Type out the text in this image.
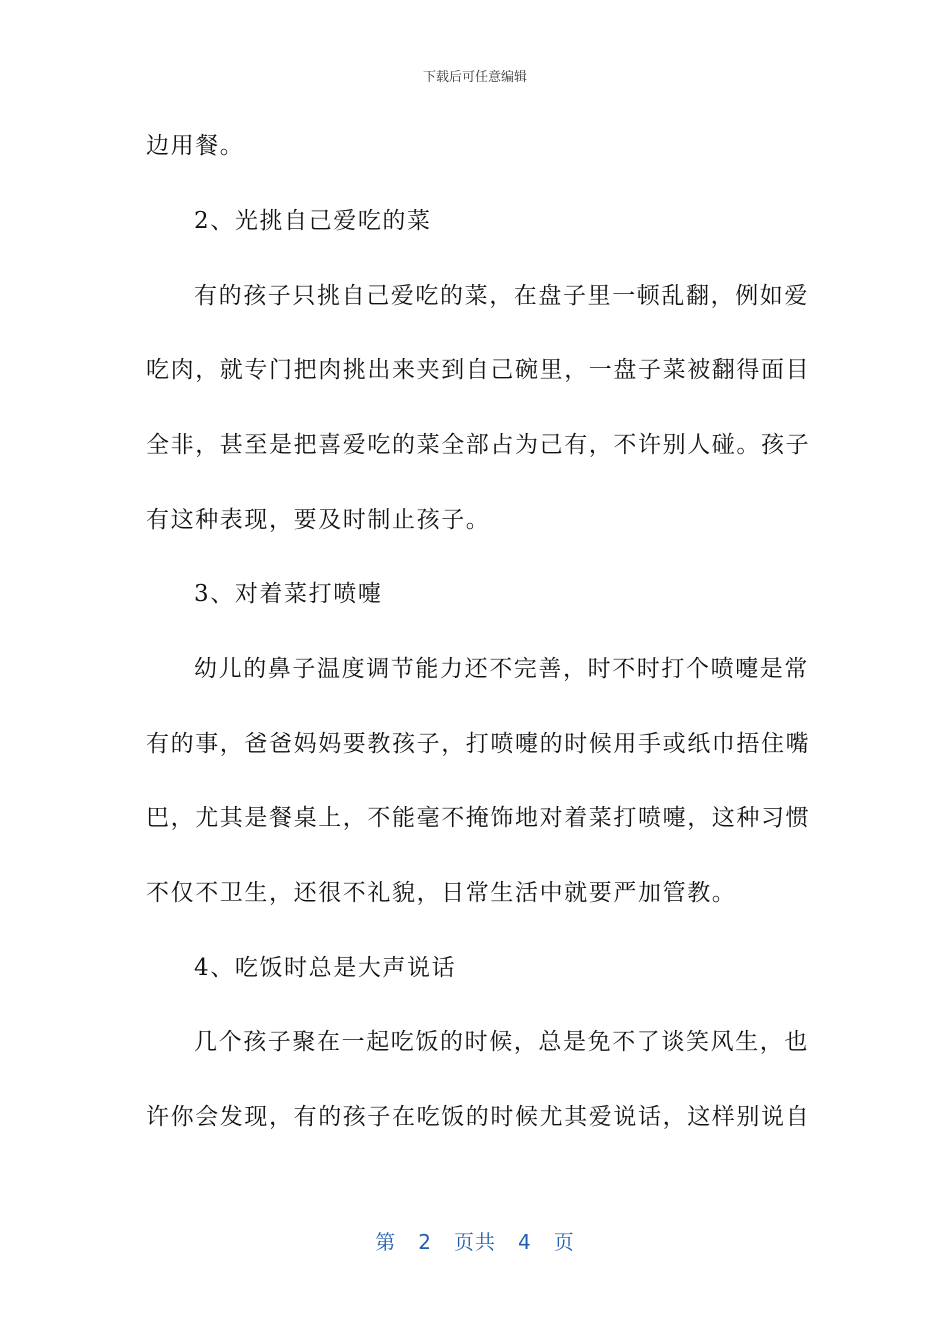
下载后可任意编辑
边用餐。
2、光挑自己爱吃的菜
有的孩子只挑自己爱吃的菜，在盘子里一顿乱翻，例如爱
吃肉，就专门把肉挑出来夹到自己碗里，一盘子菜被翻得面目
全非，甚至是把喜爱吃的菜全部占为己有，不许别人碰。孩子
有这种表现，要及时制止孩子。
3、对着菜打喷嚏
幼儿的鼻子温度调节能力还不完善，时不时打个喷嚏是常
有的事，爸爸妈妈要教孩子，打喷嚏的时候用手或纸巾捂住嘴
巴，尤其是餐桌上，不能毫不掩饰地对着菜打喷嚏，这种习惯
不仅不卫生，还很不礼貌，日常生活中就要严加管教。
4、吃饭时总是大声说话
几个孩子聚在一起吃饭的时候，总是免不了谈笑风生，也
许你会发现，有的孩子在吃饭的时候尤其爱说话，这样别说自
第 2 页共 4 页
